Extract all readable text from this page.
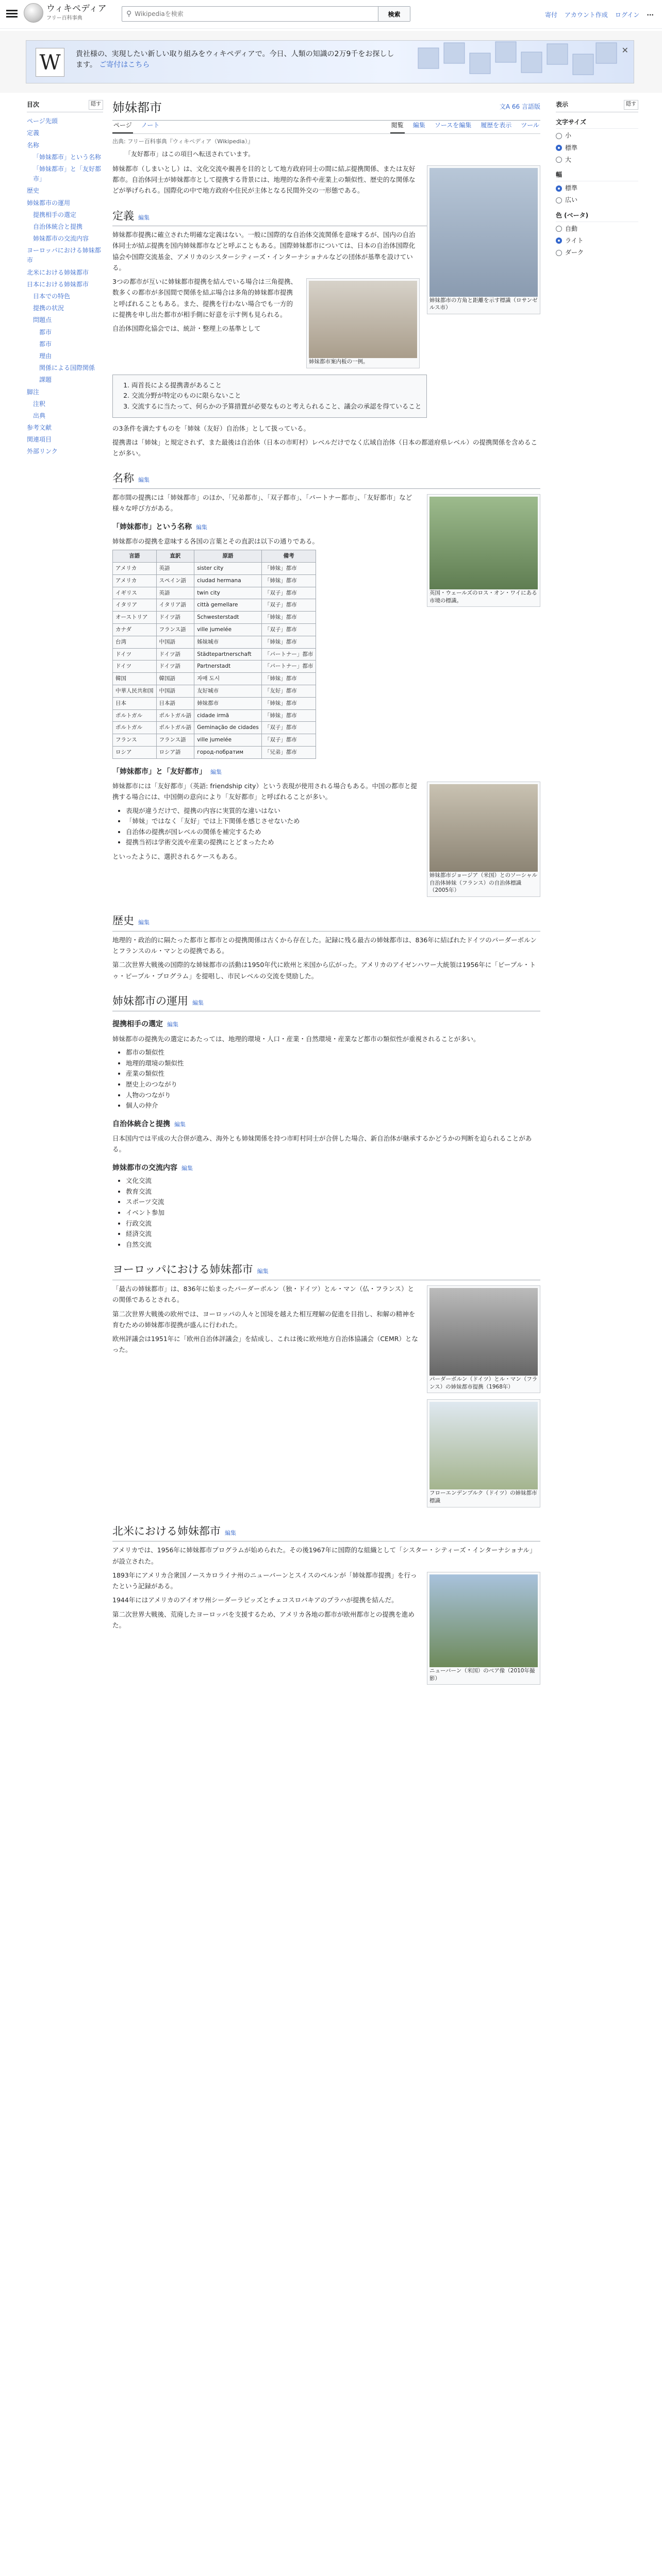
ウィキペディア
フリー百科事典
⚲
Wikipediaを検索	検索	寄付 アカウント作成 ログイン ···
W	貴社様の、実現したい新しい取り組みをウィキペディアで。今日、人類の知識の2万9千をお探しします。 ご寄付はこちら
✕
目次	隠す
ページ先頭
定義
名称
「姉妹都市」という名称
「姉妹都市」と「友好都市」
歴史
姉妹都市の運用
提携相手の選定
自治体統合と提携
姉妹都市の交流内容
ヨーロッパにおける姉妹都市
北米における姉妹都市
日本における姉妹都市
日本での特色
提携の状況
問題点
都市
都市
理由
関係による国際関係
課題
脚注
注釈
出典
参考文献
関連項目
外部リンク
姉妹都市	文A 66 言語版
ページ ノート	閲覧 編集 ソースを編集 履歴を表示 ツール
出典: フリー百科事典『ウィキペディア（Wikipedia）』
「友好都市」はこの項目へ転送されています。
姉妹都市の方角と距離を示す標識（ロサンゼルス市）

姉妹都市（しまいとし）は、文化交流や親善を目的として地方政府同士の間に結ぶ提携関係、または友好都市。自治体同士が姉妹都市として提携する背景には、地理的な条件や産業上の類似性、歴史的な関係などが挙げられる。国際化の中で地方政府や住民が主体となる民間外交の一形態である。

定義 編集

姉妹都市提携に確立された明確な定義はない。一般に国際的な自治体交流関係を意味するが、国内の自治体同士が結ぶ提携を国内姉妹都市などと呼ぶこともある。国際姉妹都市については、日本の自治体国際化協会や国際交流基金、アメリカのシスターシティーズ・インターナショナルなどの団体が基準を設けている。

姉妹都市案内板の一例。

3つの都市が互いに姉妹都市提携を結んでいる場合は三角提携、数多くの都市が多国間で関係を結ぶ場合は多角的姉妹都市提携と呼ばれることもある。また、提携を行わない場合でも一方的に提携を申し出た都市が相手側に好意を示す例も見られる。

自治体国際化協会では、統計・整理上の基準として

1. 両首長による提携書があること
2. 交流分野が特定のものに限らないこと
3. 交流するに当たって、何らかの予算措置が必要なものと考えられること、議会の承認を得ていること

の3条件を満たすものを「姉妹（友好）自治体」として扱っている。

提携書は「姉妹」と規定されず、また最後は自治体（日本の市町村）レベルだけでなく広域自治体（日本の都道府県レベル）の提携関係を含めることが多い。

名称 編集
英国・ウェールズのロス・オン・ワイにある市境の標識。

都市間の提携には「姉妹都市」のほか、「兄弟都市」、「双子都市」、「パートナー都市」、「友好都市」など様々な呼び方がある。

「姉妹都市」という名称 編集

姉妹都市の提携を意味する各国の言葉とその直訳は以下の通りである。

言語	直訳	原語	備考
アメリカ	英語	sister city	「姉妹」都市
アメリカ	スペイン語	ciudad hermana	「姉妹」都市
イギリス	英語	twin city	「双子」都市
イタリア	イタリア語	città gemellare	「双子」都市
オーストリア	ドイツ語	Schwesterstadt	「姉妹」都市
カナダ	フランス語	ville jumelée	「双子」都市
台湾	中国語	姊妹城市	「姉妹」都市
ドイツ	ドイツ語	Städtepartnerschaft	「パートナー」都市
ドイツ	ドイツ語	Partnerstadt	「パートナー」都市
韓国	韓国語	자매 도시	「姉妹」都市
中華人民共和国	中国語	友好城市	「友好」都市
日本	日本語	姉妹都市	「姉妹」都市
ポルトガル	ポルトガル語	cidade irmã	「姉妹」都市
ポルトガル	ポルトガル語	Geminação de cidades	「双子」都市
フランス	フランス語	ville jumelée	「双子」都市
ロシア	ロシア語	город-побратим	「兄弟」都市
「姉妹都市」と「友好都市」 編集
姉妹都市ジョージア（米国）とのソーシャル自治体姉妹（フランス）の自治体標識（2005年）

姉妹都市には「友好都市」（英語: friendship city）という表現が使用される場合もある。中国の都市と提携する場合には、中国側の意向により「友好都市」と呼ばれることが多い。

• 表現が違うだけで、提携の内容に実質的な違いはない
• 「姉妹」ではなく「友好」では上下関係を感じさせないため
• 自治体の提携が国レベルの関係を補完するため
• 提携当初は学術交流や産業の提携にとどまったため

といったように、選択されるケースもある。

歴史 編集

地理的・政治的に隔たった都市と都市との提携関係は古くから存在した。記録に残る最古の姉妹都市は、836年に結ばれたドイツのパーダーボルンとフランスのル・マンとの提携である。

第二次世界大戦後の国際的な姉妹都市の活動は1950年代に欧州と米国から広がった。アメリカのアイゼンハワー大統領は1956年に「ピープル・トゥ・ピープル・プログラム」を提唱し、市民レベルの交流を奨励した。

姉妹都市の運用 編集
提携相手の選定 編集

姉妹都市の提携先の選定にあたっては、地理的環境・人口・産業・自然環境・産業など都市の類似性が重視されることが多い。

• 都市の類似性
• 地理的環境の類似性
• 産業の類似性
• 歴史上のつながり
• 人物のつながり
• 個人の仲介
自治体統合と提携 編集

日本国内では平成の大合併が進み、海外とも姉妹関係を持つ市町村同士が合併した場合、新自治体が継承するかどうかの判断を迫られることがある。

姉妹都市の交流内容 編集
• 文化交流
• 教育交流
• スポーツ交流
• イベント参加
• 行政交流
• 経済交流
• 自然交流
ヨーロッパにおける姉妹都市 編集
パーダーボルン（ドイツ）とル・マン（フランス）の姉妹都市提携（1968年）

「最古の姉妹都市」は、836年に始まったパーダーボルン（独・ドイツ）とル・マン（仏・フランス）との関係であるとされる。

第二次世界大戦後の欧州では、ヨーロッパの人々と国境を越えた相互理解の促進を目指し、和解の精神を育むための姉妹都市提携が盛んに行われた。

フローエンデンブルク（ドイツ）の姉妹都市標識

欧州評議会は1951年に「欧州自治体評議会」を結成し、これは後に欧州地方自治体協議会（CEMR）となった。

北米における姉妹都市 編集

アメリカでは、1956年に姉妹都市プログラムが始められた。その後1967年に国際的な組織として「シスター・シティーズ・インターナショナル」が設立された。

ニューバーン（米国）のベア像（2010年撮影）

1893年にアメリカ合衆国ノースカロライナ州のニューバーンとスイスのベルンが「姉妹都市提携」を行ったという記録がある。

1944年にはアメリカのアイオワ州シーダーラピッズとチェコスロバキアのプラハが提携を結んだ。

第二次世界大戦後、荒廃したヨーロッパを支援するため、アメリカ各地の都市が欧州都市との提携を進めた。

表示	隠す
文字サイズ
小
標準
大
幅
標準
広い
色 (ベータ)
自動
ライト
ダーク
